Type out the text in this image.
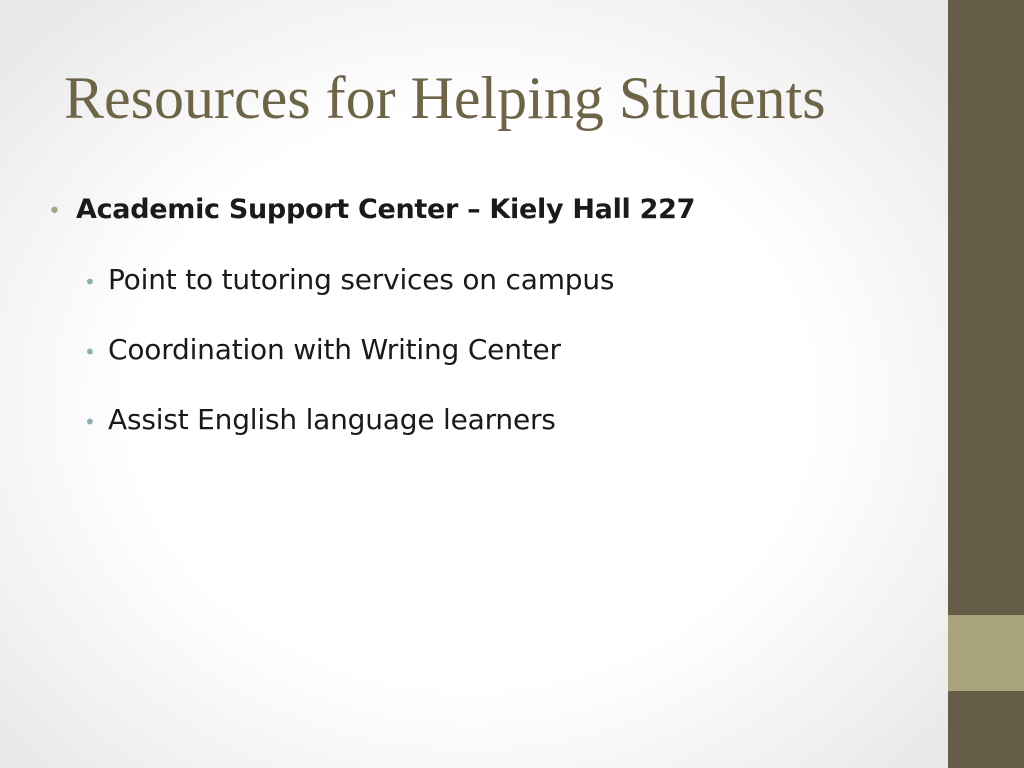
Resources for Helping Students
• Academic Support Center – Kiely Hall 227
• Point to tutoring services on campus
• Coordination with Writing Center
• Assist English language learners
